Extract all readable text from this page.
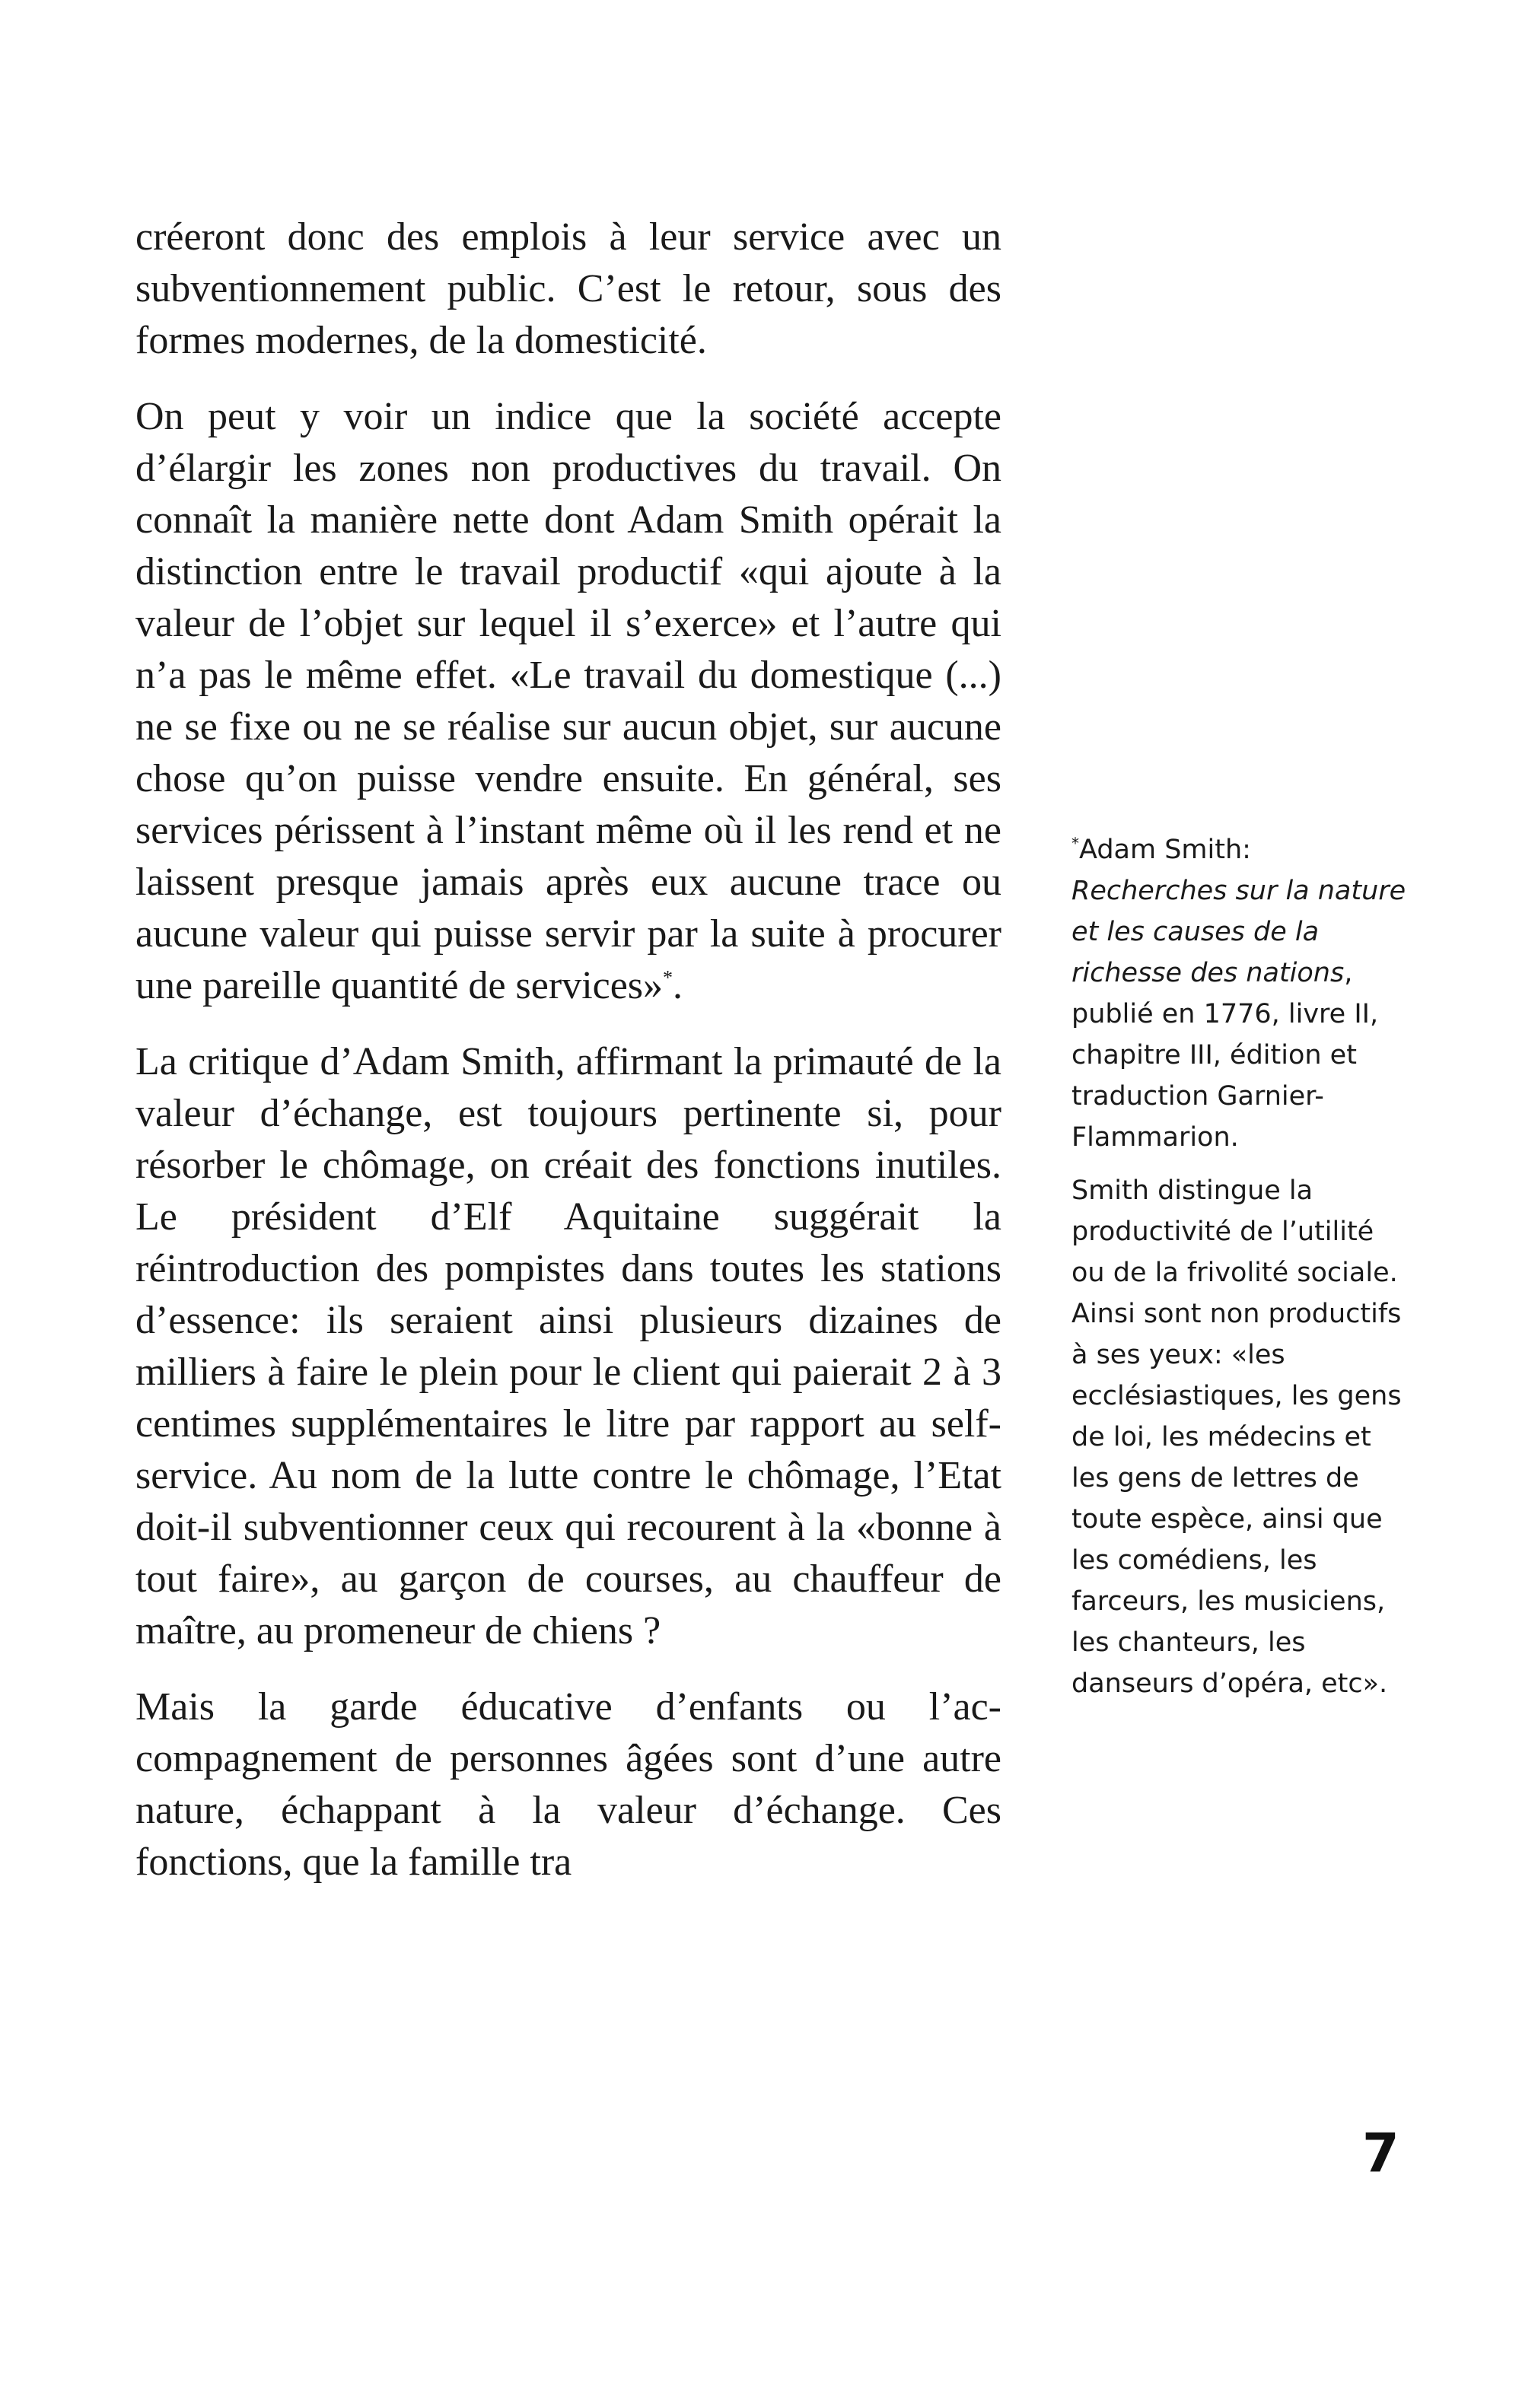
créeront donc des emplois à leur service avec un subventionnement public. C’est le retour, sous des formes modernes, de la domesticité.

On peut y voir un indice que la société accepte d’élargir les zones non productives du travail. On connaît la manière nette dont Adam Smith opérait la distinction entre le travail productif «qui ajoute à la valeur de l’objet sur lequel il s’exerce» et l’autre qui n’a pas le même effet. «Le travail du domestique (...) ne se fixe ou ne se réalise sur aucun objet, sur aucune chose qu’on puisse vendre ensuite. En général, ses services périssent à l’instant même où il les rend et ne laissent presque jamais après eux aucune trace ou aucune valeur qui puisse servir par la suite à procurer une pareille quantité de services»*.

La critique d’Adam Smith, affirmant la primauté de la valeur d’échange, est toujours pertinente si, pour résorber le chômage, on créait des fonctions inutiles. Le président d’Elf Aquitaine suggérait la réintroduction des pompistes dans toutes les stations d’essence: ils seraient ainsi plusieurs dizaines de milliers à faire le plein pour le client qui paierait 2 à 3 centimes supplémentaires le litre par rapport au self-service. Au nom de la lutte contre le chômage, l’Etat doit-il subventionner ceux qui recourent à la «bonne à tout faire», au garçon de courses, au chauffeur de maître, au promeneur de chiens ?

Mais la garde éducative d’enfants ou l’accompagnement de personnes âgées sont d’une autre nature, échappant à la valeur d’échange. Ces fonctions, que la famille tra

*Adam Smith:
Recherches sur la nature et les causes de la richesse des nations, publié en 1776, livre II, chapitre III, édition et traduction Garnier-Flammarion.

Smith distingue la productivité de l’utilité ou de la frivolité sociale. Ainsi sont non productifs à ses yeux: «les ecclésiastiques, les gens de loi, les médecins et les gens de lettres de toute espèce, ainsi que les comédiens, les farceurs, les musiciens, les chanteurs, les danseurs d’opéra, etc».

7
